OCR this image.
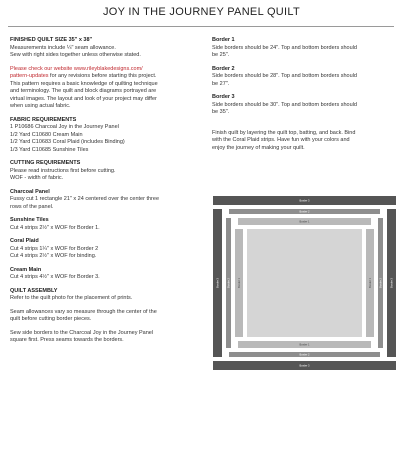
JOY IN THE JOURNEY PANEL QUILT
FINISHED QUILT SIZE 35" x 38"
Measurements include ¼" seam allowance.
Sew with right sides together unless otherwise stated.
Please check our website www.rileyblakedesigns.com/
pattern-updates for any revisions before starting this project.
This pattern requires a basic knowledge of quilting technique
and terminology. The quilt and block diagrams portrayed are
virtual images. The layout and look of your project may differ
when using actual fabric.
FABRIC REQUIREMENTS
1 P10686 Charcoal Joy in the Journey Panel
1/2 Yard C10680 Cream Main
1/2 Yard C10683 Coral Plaid (includes Binding)
1/3 Yard C10685 Sunshine Tiles
CUTTING REQUIREMENTS
Please read instructions first before cutting.
WOF - width of fabric.
Charcoal Panel
Fussy cut 1 rectangle 21" x 24 centered over the center three
rows of the panel.
Sunshine Tiles
Cut 4 strips 2½" x WOF for Border 1.
Coral Plaid
Cut 4 strips 1¼" x WOF for Border 2
Cut 4 strips 2½" x WOF for binding.
Cream Main
Cut 4 strips 4½" x WOF for Border 3.
QUILT ASSEMBLY
Refer to the quilt photo for the placement of prints.
Seam allowances vary so measure through the center of the
quilt before cutting border pieces.
Sew side borders to the Charcoal Joy in the Journey Panel
square first. Press seams towards the borders.
Border 1
Side borders should be 24". Top and bottom borders should
be 25".
Border 2
Side borders should be 28". Top and bottom borders should
be 27".
Border 3
Side borders should be 30". Top and bottom borders should
be 35".
Finish quilt by layering the quilt top, batting, and back. Bind
with the Coral Plaid strips. Have fun with your colors and
enjoy the journey of making your quilt.
Border 3
Border 3
Border 2
Border 2
Border 1
Border 1
Border 3	Border 3
Border 2	Border 2
Border 1	Border 1
